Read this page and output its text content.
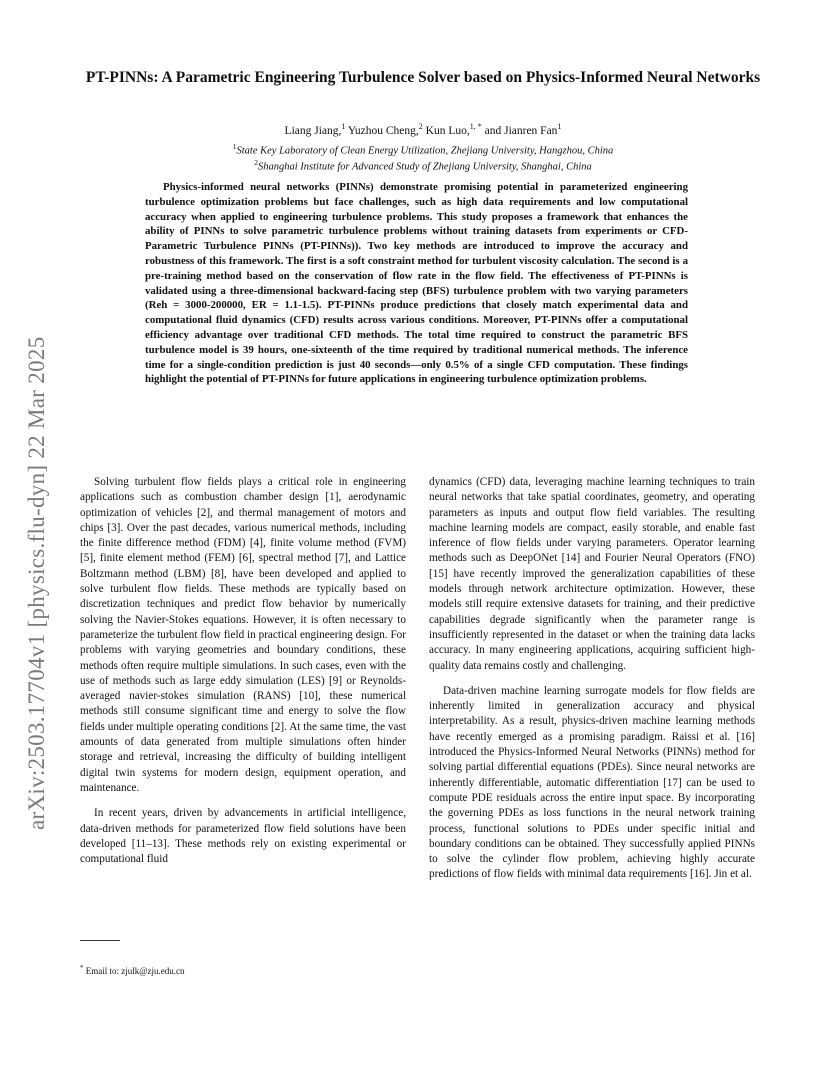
arXiv:2503.17704v1 [physics.flu-dyn] 22 Mar 2025
PT-PINNs: A Parametric Engineering Turbulence Solver based on Physics-Informed Neural Networks
Liang Jiang,$^1$ Yuzhou Cheng,$^2$ Kun Luo,$^{1, *}$ and Jianren Fan$^1$
$^1$State Key Laboratory of Clean Energy Utilization, Zhejiang University, Hangzhou, China
$^2$Shanghai Institute for Advanced Study of Zhejiang University, Shanghai, China

Physics-informed neural networks (PINNs) demonstrate promising potential in parameterized engineering turbulence optimization problems but face challenges, such as high data requirements and low computational accuracy when applied to engineering turbulence problems. This study proposes a framework that enhances the ability of PINNs to solve parametric turbulence problems without training datasets from experiments or CFD-Parametric Turbulence PINNs (PT-PINNs)). Two key methods are introduced to improve the accuracy and robustness of this framework. The first is a soft constraint method for turbulent viscosity calculation. The second is a pre-training method based on the conservation of flow rate in the flow field. The effectiveness of PT-PINNs is validated using a three-dimensional backward-facing step (BFS) turbulence problem with two varying parameters (Reh = 3000-200000, ER = 1.1-1.5). PT-PINNs produce predictions that closely match experimental data and computational fluid dynamics (CFD) results across various conditions. Moreover, PT-PINNs offer a computational efficiency advantage over traditional CFD methods. The total time required to construct the parametric BFS turbulence model is 39 hours, one-sixteenth of the time required by traditional numerical methods. The inference time for a single-condition prediction is just 40 seconds—only 0.5% of a single CFD computation. These findings highlight the potential of PT-PINNs for future applications in engineering turbulence optimization problems.

Solving turbulent flow fields plays a critical role in engineering applications such as combustion chamber design [1], aerodynamic optimization of vehicles [2], and thermal management of motors and chips [3]. Over the past decades, various numerical methods, including the finite difference method (FDM) [4], finite volume method (FVM) [5], finite element method (FEM) [6], spectral method [7], and Lattice Boltzmann method (LBM) [8], have been developed and applied to solve turbulent flow fields. These methods are typically based on discretization techniques and predict flow behavior by numerically solving the Navier-Stokes equations. However, it is often necessary to parameterize the turbulent flow field in practical engineering design. For problems with varying geometries and boundary conditions, these methods often require multiple simulations. In such cases, even with the use of methods such as large eddy simulation (LES) [9] or Reynolds-averaged navier-stokes simulation (RANS) [10], these numerical methods still consume significant time and energy to solve the flow fields under multiple operating conditions [2]. At the same time, the vast amounts of data generated from multiple simulations often hinder storage and retrieval, increasing the difficulty of building intelligent digital twin systems for modern design, equipment operation, and maintenance.

In recent years, driven by advancements in artificial intelligence, data-driven methods for parameterized flow field solutions have been developed [11–13]. These methods rely on existing experimental or computational fluid

dynamics (CFD) data, leveraging machine learning techniques to train neural networks that take spatial coordinates, geometry, and operating parameters as inputs and output flow field variables. The resulting machine learning models are compact, easily storable, and enable fast inference of flow fields under varying parameters. Operator learning methods such as DeepONet [14] and Fourier Neural Operators (FNO) [15] have recently improved the generalization capabilities of these models through network architecture optimization. However, these models still require extensive datasets for training, and their predictive capabilities degrade significantly when the parameter range is insufficiently represented in the dataset or when the training data lacks accuracy. In many engineering applications, acquiring sufficient high-quality data remains costly and challenging.

Data-driven machine learning surrogate models for flow fields are inherently limited in generalization accuracy and physical interpretability. As a result, physics-driven machine learning methods have recently emerged as a promising paradigm. Raissi et al. [16] introduced the Physics-Informed Neural Networks (PINNs) method for solving partial differential equations (PDEs). Since neural networks are inherently differentiable, automatic differentiation [17] can be used to compute PDE residuals across the entire input space. By incorporating the governing PDEs as loss functions in the neural network training process, functional solutions to PDEs under specific initial and boundary conditions can be obtained. They successfully applied PINNs to solve the cylinder flow problem, achieving highly accurate predictions of flow fields with minimal data requirements [16]. Jin et al.

* Email to: zjulk@zju.edu.cn
